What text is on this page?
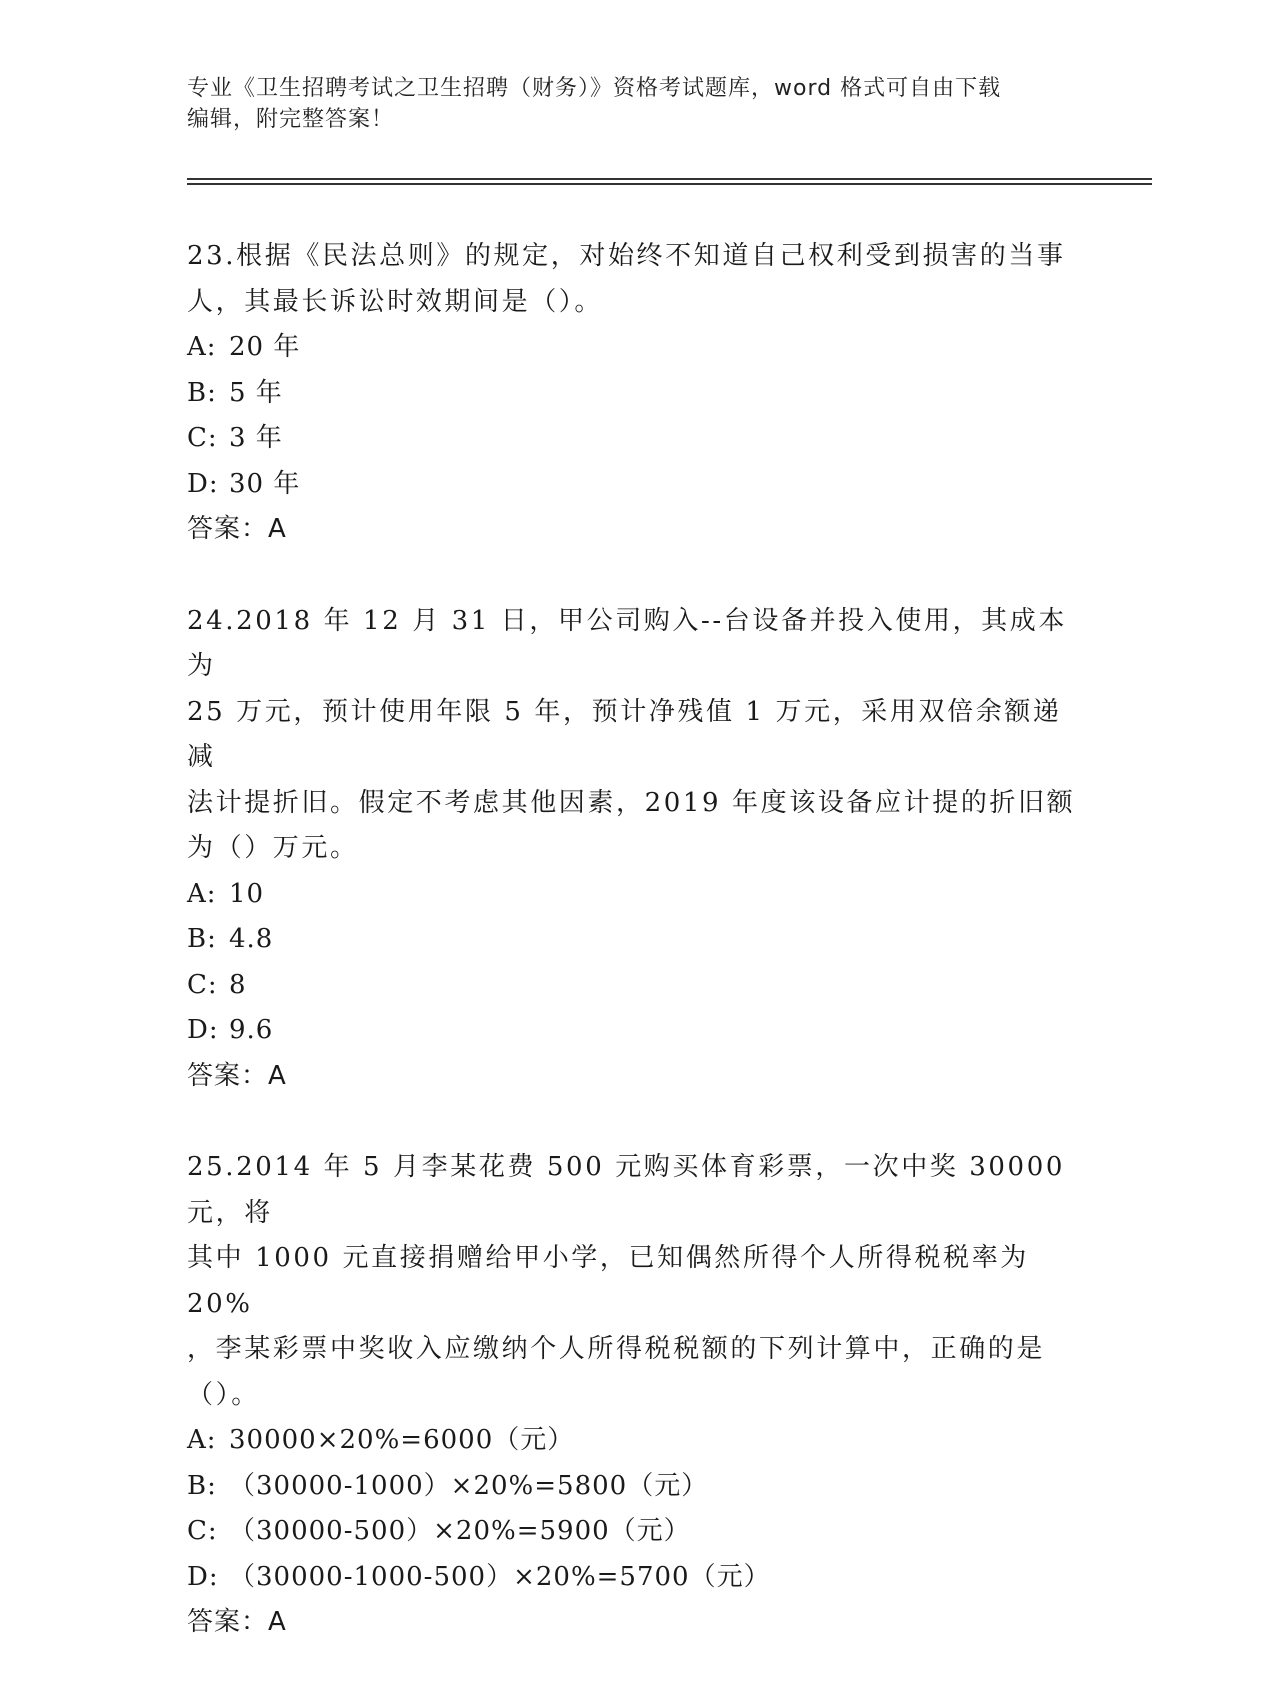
专业《卫生招聘考试之卫生招聘（财务）》资格考试题库，word 格式可自由下载
编辑，附完整答案！
23.根据《民法总则》的规定，对始终不知道自己权利受到损害的当事
人，其最长诉讼时效期间是（）。
A: 20 年
B: 5 年
C: 3 年
D: 30 年
答案：A
24.2018 年 12 月 31 日，甲公司购入--台设备并投入使用，其成本为
25 万元，预计使用年限 5 年，预计净残值 1 万元，采用双倍余额递减
法计提折旧。假定不考虑其他因素，2019 年度该设备应计提的折旧额
为（）万元。
A: 10
B: 4.8
C: 8
D: 9.6
答案：A
25.2014 年 5 月李某花费 500 元购买体育彩票，一次中奖 30000 元，将
其中 1000 元直接捐赠给甲小学，已知偶然所得个人所得税税率为 20%
，李某彩票中奖收入应缴纳个人所得税税额的下列计算中，正确的是
（）。
A: 30000×20%=6000（元）
B: （30000-1000）×20%=5800（元）
C: （30000-500）×20%=5900（元）
D: （30000-1000-500）×20%=5700（元）
答案：A
